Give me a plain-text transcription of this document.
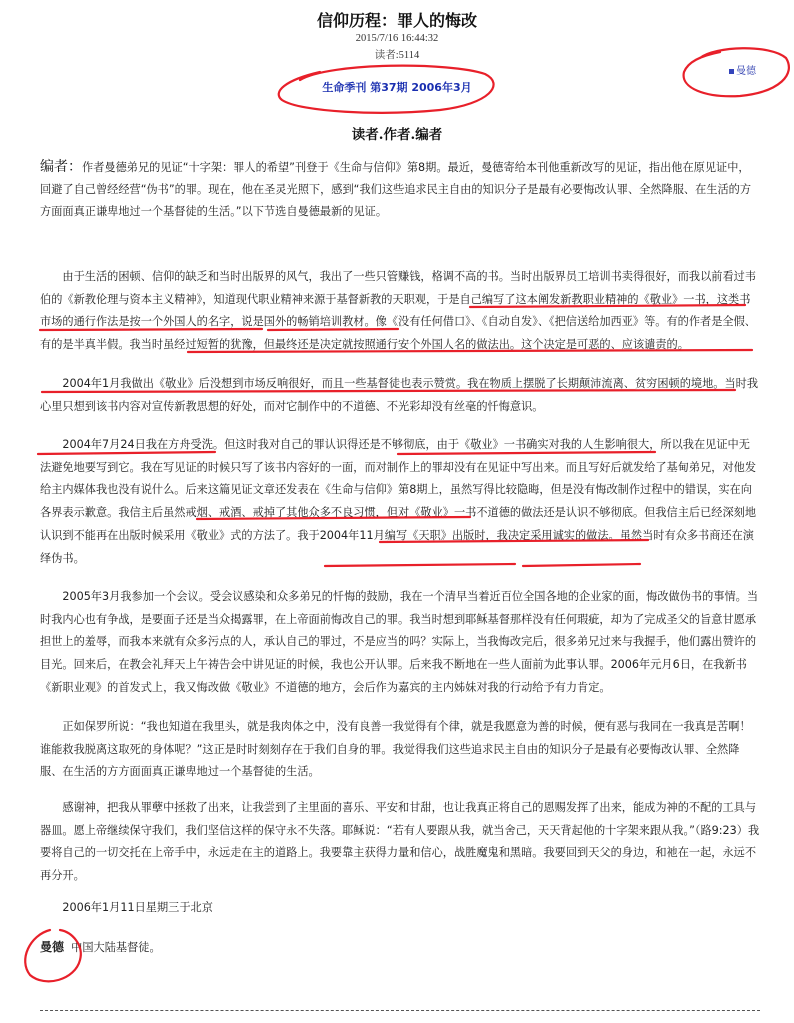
信仰历程：罪人的悔改
2015/7/16 16:44:32
读者:5114
曼德
生命季刊 第37期 2006年3月
读者.作者.编者
编者：作者曼德弟兄的见证“十字架：罪人的希望”刊登于《生命与信仰》第8期。最近，曼德寄给本刊他重新改写的见证，指出他在原见证中，回避了自己曾经经营“伪书”的罪。现在，他在圣灵光照下，感到“我们这些追求民主自由的知识分子是最有必要悔改认罪、全然降服、在生活的方方面面真正谦卑地过一个基督徒的生活。”以下节选自曼德最新的见证。
由于生活的困顿、信仰的缺乏和当时出版界的风气，我出了一些只管赚钱，格调不高的书。当时出版界员工培训书卖得很好，而我以前看过韦伯的《新教伦理与资本主义精神》，知道现代职业精神来源于基督新教的天职观，于是自己编写了这本阐发新教职业精神的《敬业》一书，这类书市场的通行作法是按一个外国人的名字，说是国外的畅销培训教材。像《没有任何借口》、《自动自发》、《把信送给加西亚》等。有的作者是全假、有的是半真半假。我当时虽经过短暂的犹豫，但最终还是决定就按照通行安个外国人名的做法出。这个决定是可恶的、应该谴责的。
2004年1月我做出《敬业》后没想到市场反响很好，而且一些基督徒也表示赞赏。我在物质上摆脱了长期颠沛流离、贫穷困顿的境地。当时我心里只想到该书内容对宣传新教思想的好处，而对它制作中的不道德、不光彩却没有丝毫的忏悔意识。
2004年7月24日我在方舟受洗。但这时我对自己的罪认识得还是不够彻底，由于《敬业》一书确实对我的人生影响很大，所以我在见证中无法避免地要写到它。我在写见证的时候只写了该书内容好的一面，而对制作上的罪却没有在见证中写出来。而且写好后就发给了基甸弟兄，对他发给主内媒体我也没有说什么。后来这篇见证文章还发表在《生命与信仰》第8期上，虽然写得比较隐晦，但是没有悔改制作过程中的错误，实在向各界表示歉意。我信主后虽然戒烟、戒酒、戒掉了其他众多不良习惯，但对《敬业》一书不道德的做法还是认识不够彻底。但我信主后已经深刻地认识到不能再在出版时候采用《敬业》式的方法了。我于2004年11月编写《天职》出版时，我决定采用诚实的做法。虽然当时有众多书商还在演绎伪书。
2005年3月我参加一个会议。受会议感染和众多弟兄的忏悔的鼓励，我在一个清早当着近百位全国各地的企业家的面，悔改做伪书的事情。当时我内心也有争战，是要面子还是当众揭露罪，在上帝面前悔改自己的罪。我当时想到耶稣基督那样没有任何瑕疵，却为了完成圣父的旨意甘愿承担世上的羞辱，而我本来就有众多污点的人，承认自己的罪过，不是应当的吗？实际上，当我悔改完后，很多弟兄过来与我握手，他们露出赞许的目光。回来后，在教会礼拜天上午祷告会中讲见证的时候，我也公开认罪。后来我不断地在一些人面前为此事认罪。2006年元月6日，在我新书《新职业观》的首发式上，我又悔改做《敬业》不道德的地方，会后作为嘉宾的主内姊妹对我的行动给予有力肯定。
正如保罗所说：“我也知道在我里头，就是我肉体之中，没有良善一我觉得有个律，就是我愿意为善的时候，便有恶与我同在一我真是苦啊！谁能救我脱离这取死的身体呢？”这正是时时刻刻存在于我们自身的罪。我觉得我们这些追求民主自由的知识分子是最有必要悔改认罪、全然降服、在生活的方方面面真正谦卑地过一个基督徒的生活。
感谢神，把我从罪孽中拯救了出来，让我尝到了主里面的喜乐、平安和甘甜，也让我真正将自己的恩赐发挥了出来，能成为神的不配的工具与器皿。愿上帝继续保守我们，我们坚信这样的保守永不失落。耶稣说：“若有人要跟从我，就当舍己，天天背起他的十字架来跟从我。”（路9:23）我要将自己的一切交托在上帝手中，永远走在主的道路上。我要靠主获得力量和信心，战胜魔鬼和黑暗。我要回到天父的身边，和祂在一起，永远不再分开。
2006年1月11日星期三于北京
曼德 中国大陆基督徒。
